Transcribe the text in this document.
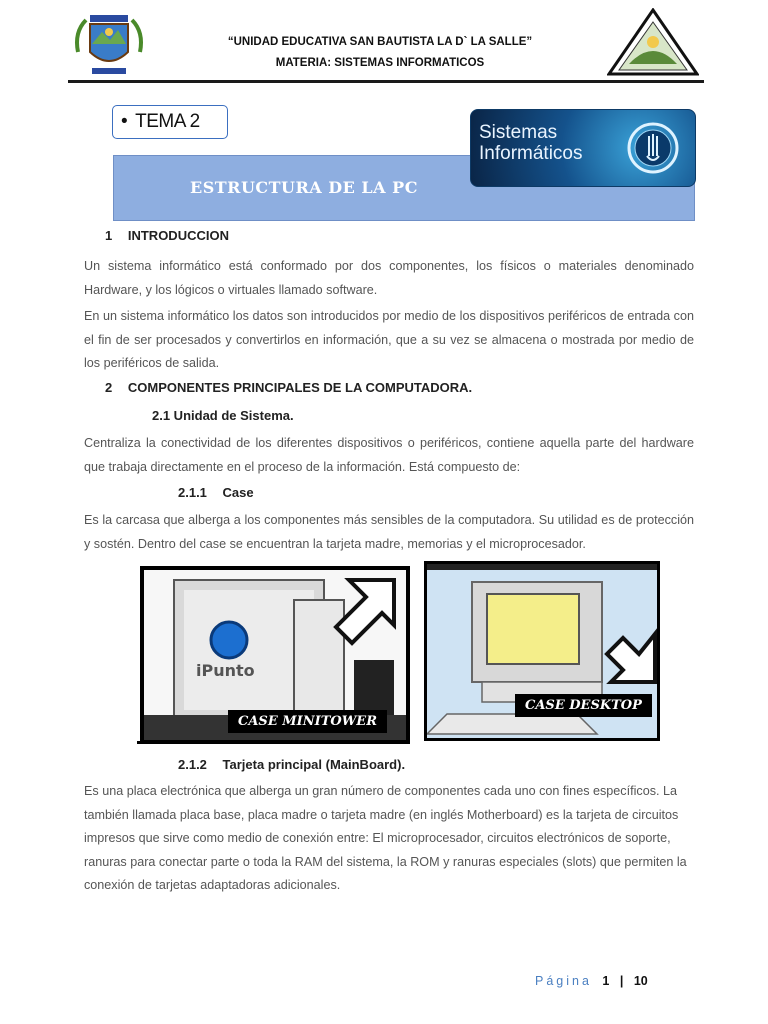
“UNIDAD EDUCATIVA SAN BAUTISTA LA D` LA SALLE”
MATERIA: SISTEMAS INFORMATICOS
• TEMA 2
ESTRUCTURA DE LA PC
Sistemas Informáticos
1 INTRODUCCION
Un sistema informático está conformado por dos componentes, los físicos o materiales denominado Hardware, y los lógicos o virtuales llamado software.
En un sistema informático los datos son introducidos por medio de los dispositivos periféricos de entrada con el fin de ser procesados y convertirlos en información, que a su vez se almacena o mostrada por medio de los periféricos de salida.
2 COMPONENTES PRINCIPALES DE LA COMPUTADORA.
2.1 Unidad de Sistema.
Centraliza la conectividad de los diferentes dispositivos o periféricos, contiene aquella parte del hardware que trabaja directamente en el proceso de la información. Está compuesto de:
2.1.1 Case
Es la carcasa que alberga a los componentes más sensibles de la computadora. Su utilidad es de protección y sostén. Dentro del case se encuentran la tarjeta madre, memorias y el microprocesador.
iPunto
CASE MINITOWER
CASE DESKTOP
2.1.2 Tarjeta principal (MainBoard).
Es una placa electrónica que alberga un gran número de componentes cada uno con fines específicos. La también llamada placa base, placa madre o tarjeta madre (en inglés Motherboard) es la tarjeta de circuitos impresos que sirve como medio de conexión entre: El microprocesador, circuitos electrónicos de soporte, ranuras para conectar parte o toda la RAM del sistema, la ROM y ranuras especiales (slots) que permiten la conexión de tarjetas adaptadoras adicionales.
Página 1 | 10
